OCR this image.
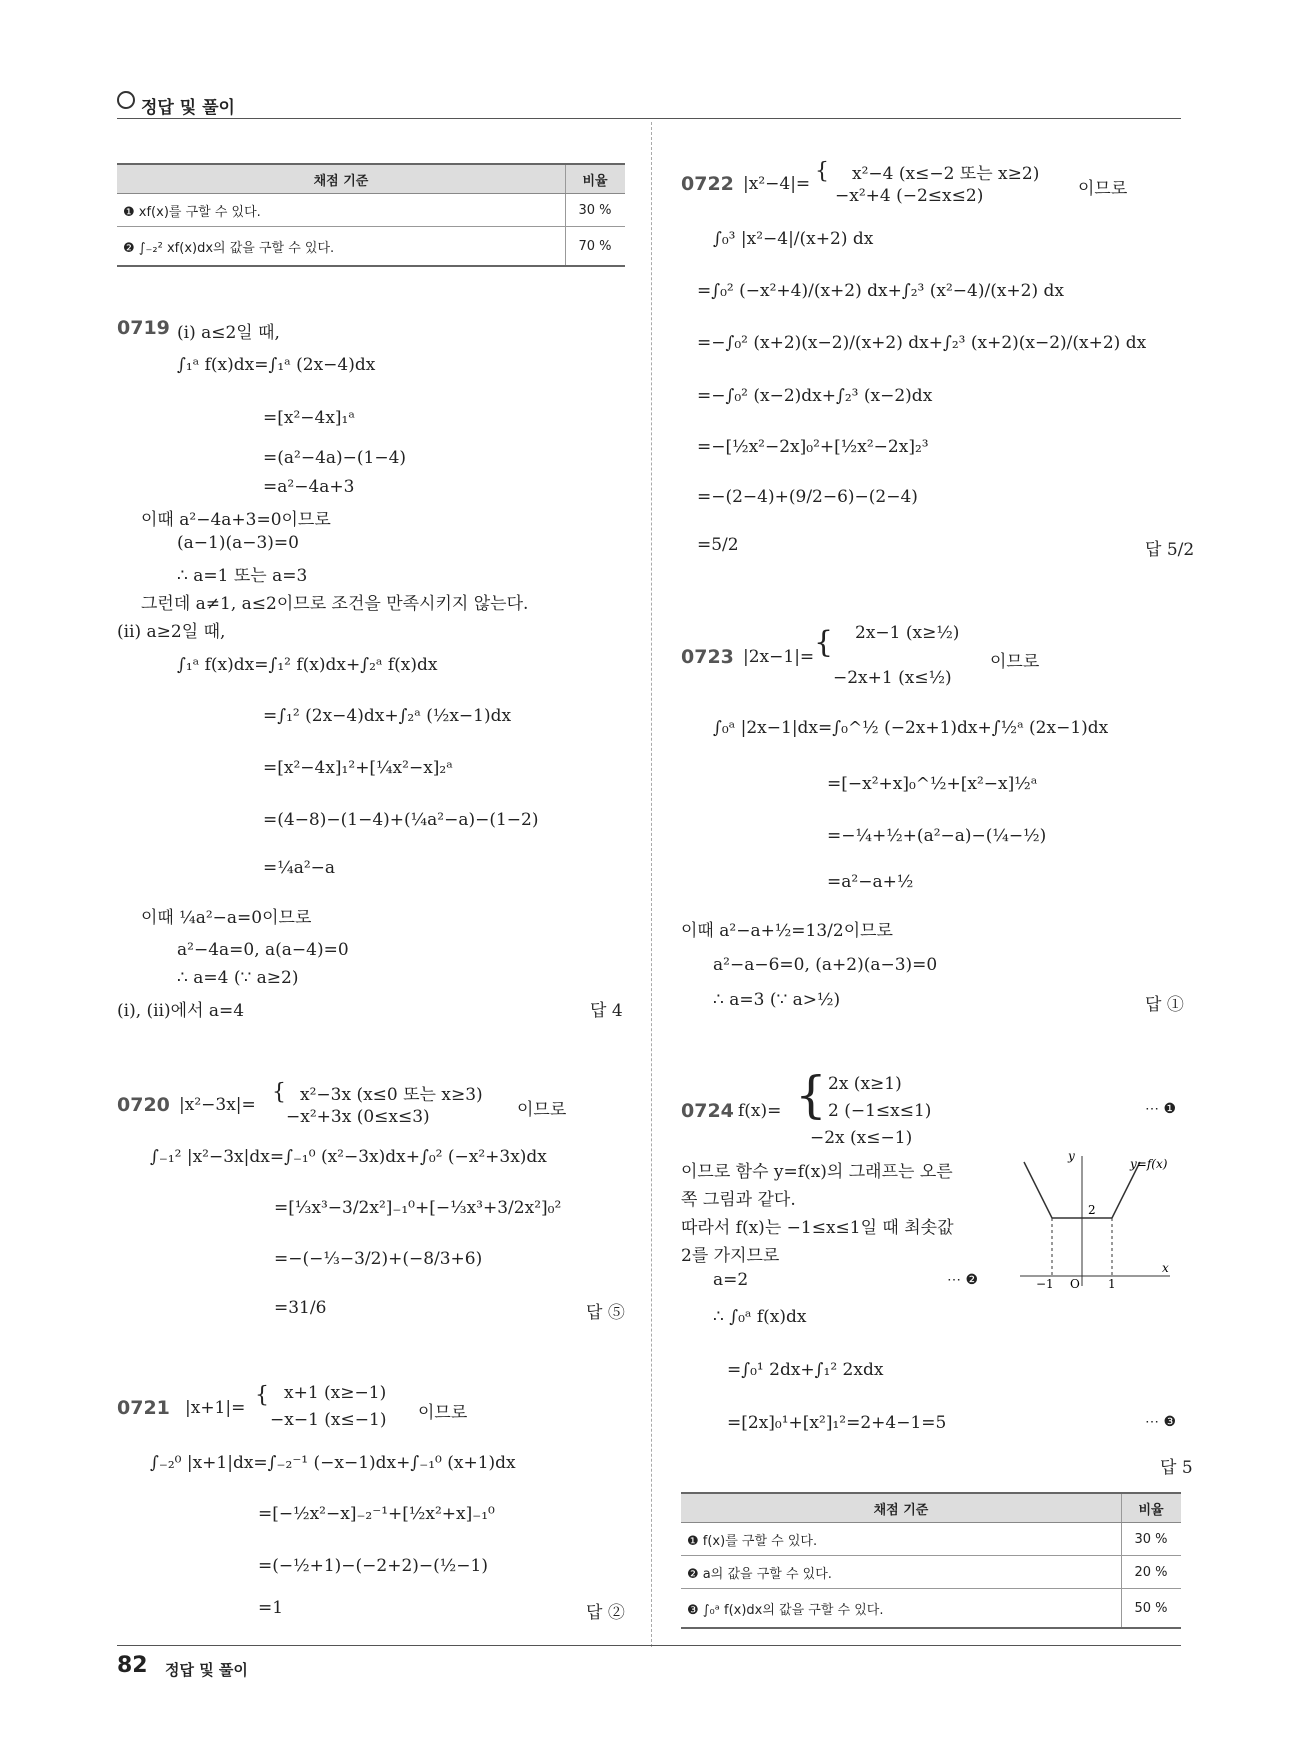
정답 및 풀이
채점 기준	비율
❶ xf(x)를 구할 수 있다.	30 %
❷ ∫₋₂² xf(x)dx의 값을 구할 수 있다.	70 %
0719 (ⅰ) a≤2일 때,
∫₁ᵃ f(x)dx=∫₁ᵃ (2x−4)dx
=[x²−4x]₁ᵃ
=(a²−4a)−(1−4)
=a²−4a+3
이때 a²−4a+3=0이므로
(a−1)(a−3)=0
∴ a=1 또는 a=3
그런데 a≠1, a≤2이므로 조건을 만족시키지 않는다.
(ⅱ) a≥2일 때,
∫₁ᵃ f(x)dx=∫₁² f(x)dx+∫₂ᵃ f(x)dx
=∫₁² (2x−4)dx+∫₂ᵃ (½x−1)dx
=[x²−4x]₁²+[¼x²−x]₂ᵃ
=(4−8)−(1−4)+(¼a²−a)−(1−2)
=¼a²−a
이때 ¼a²−a=0이므로
a²−4a=0, a(a−4)=0
∴ a=4 (∵ a≥2)
(ⅰ), (ⅱ)에서 a=4	답 4
0720 |x²−3x|= { x²−3x (x≤0 또는 x≥3)
−x²+3x (0≤x≤3)	이므로
∫₋₁² |x²−3x|dx=∫₋₁⁰ (x²−3x)dx+∫₀² (−x²+3x)dx
=[⅓x³−3/2x²]₋₁⁰+[−⅓x³+3/2x²]₀²
=−(−⅓−3/2)+(−8/3+6)
=31/6	답 ⑤
0721 |x+1|= { x+1 (x≥−1)
−x−1 (x≤−1) 이므로
∫₋₂⁰ |x+1|dx=∫₋₂⁻¹ (−x−1)dx+∫₋₁⁰ (x+1)dx
=[−½x²−x]₋₂⁻¹+[½x²+x]₋₁⁰
=(−½+1)−(−2+2)−(½−1)
=1	답 ②
0722 |x²−4|= { x²−4 (x≤−2 또는 x≥2)
−x²+4 (−2≤x≤2)	이므로
∫₀³ |x²−4|/(x+2) dx
=∫₀² (−x²+4)/(x+2) dx+∫₂³ (x²−4)/(x+2) dx
=−∫₀² (x+2)(x−2)/(x+2) dx+∫₂³ (x+2)(x−2)/(x+2) dx
=−∫₀² (x−2)dx+∫₂³ (x−2)dx
=−[½x²−2x]₀²+[½x²−2x]₂³
=−(2−4)+(9/2−6)−(2−4)
=5/2	답 5/2
0723 |2x−1|= { 2x−1 (x≥½)
−2x+1 (x≤½)
이므로
∫₀ᵃ |2x−1|dx=∫₀^½ (−2x+1)dx+∫½ᵃ (2x−1)dx
=[−x²+x]₀^½+[x²−x]½ᵃ
=−¼+½+(a²−a)−(¼−½)
=a²−a+½
이때 a²−a+½=13/2이므로
a²−a−6=0, (a+2)(a−3)=0
∴ a=3 (∵ a>½)	답 ①
0724 f(x)= { 2x (x≥1)
2 (−1≤x≤1)
−2x (x≤−1)
⋯ ❶
이므로 함수 y=f(x)의 그래프는 오른
쪽 그림과 같다.
따라서 f(x)는 −1≤x≤1일 때 최솟값
2를 가지므로
a=2	⋯ ❷
∴ ∫₀ᵃ f(x)dx
=∫₀¹ 2dx+∫₁² 2xdx
=[2x]₀¹+[x²]₁²=2+4−1=5	⋯ ❸
답 5
y
x
y=f(x)
2
−1 O 1
채점 기준	비율
❶ f(x)를 구할 수 있다.	30 %
❷ a의 값을 구할 수 있다.	20 %
❸ ∫₀ᵃ f(x)dx의 값을 구할 수 있다.	50 %
82 정답 및 풀이
